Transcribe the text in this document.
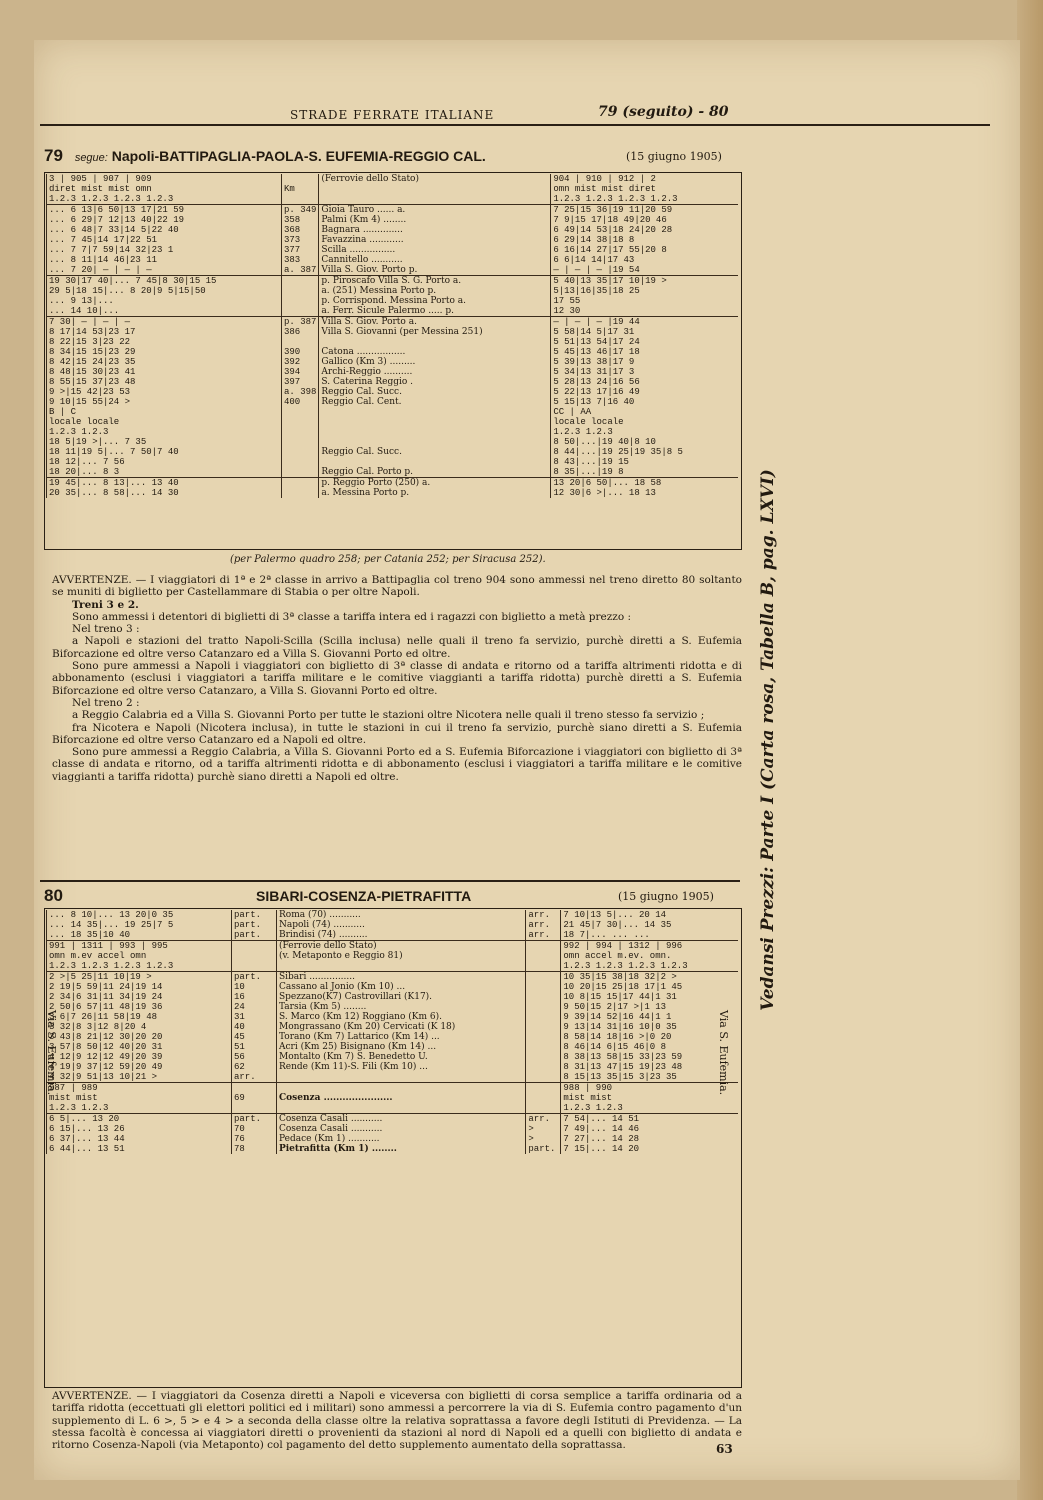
STRADE FERRATE ITALIANE	79 (seguito) - 80
79 segue: Napoli-BATTIPAGLIA-PAOLA-S. EUFEMIA-REGGIO CAL.	(15 giugno 1905)
3 | 905 | 907 | 909		(Ferrovie dello Stato)	904 | 910 | 912 | 2
diret mist mist omn	Km		omn mist mist diret
1.2.3 1.2.3 1.2.3 1.2.3			1.2.3 1.2.3 1.2.3 1.2.3
... 6 13|6 50|13 17|21 59	p. 349	Gioia Tauro ...... a.	7 25|15 36|19 11|20 59
... 6 29|7 12|13 40|22 19	358	Palmi (Km 4) ........	7 9|15 17|18 49|20 46
... 6 48|7 33|14 5|22 40	368	Bagnara ..............	6 49|14 53|18 24|20 28
... 7 45|14 17|22 51	373	Favazzina ............	6 29|14 38|18 8
... 7 7|7 59|14 32|23 1	377	Scilla ................	6 16|14 27|17 55|20 8
... 8 11|14 46|23 11	383	Cannitello ...........	6 6|14 14|17 43
... 7 20| — | — | —	a. 387	Villa S. Giov. Porto p.	— | — | — |19 54
19 30|17 40|... 7 45|8 30|15 15		p. Piroscafo Villa S. G. Porto a.	5 40|13 35|17 10|19 >
29 5|18 15|... 8 20|9 5|15|50		a. (251) Messina Porto p.	5|13|16|35|18 25
... 9 13|...		p. Corrispond. Messina Porto a.	17 55
... 14 10|...		a. Ferr. Sicule Palermo ..... p.	12 30
7 30| — | — | —	p. 387	Villa S. Giov. Porto a.	— | — | — |19 44
8 17|14 53|23 17	386	Villa S. Giovanni (per Messina 251)	5 58|14 5|17 31
8 22|15 3|23 22			5 51|13 54|17 24
8 34|15 15|23 29	390	Catona .................	5 45|13 46|17 18
8 42|15 24|23 35	392	Gallico (Km 3) .........	5 39|13 38|17 9
8 48|15 30|23 41	394	Archi-Reggio ..........	5 34|13 31|17 3
8 55|15 37|23 48	397	S. Caterina Reggio .	5 28|13 24|16 56
9 >|15 42|23 53	a. 398	Reggio Cal. Succ.	5 22|13 17|16 49
9 10|15 55|24 >	400	Reggio Cal. Cent.	5 15|13 7|16 40
B | C			CC | AA
locale locale			locale locale
1.2.3 1.2.3			1.2.3 1.2.3
18 5|19 >|... 7 35			8 50|...|19 40|8 10
18 11|19 5|... 7 50|7 40		Reggio Cal. Succ.	8 44|...|19 25|19 35|8 5
18 12|... 7 56			8 43|...|19 15
18 20|... 8 3		Reggio Cal. Porto p.	8 35|...|19 8
19 45|... 8 13|... 13 40		p. Reggio Porto (250) a.	13 20|6 50|... 18 58
20 35|... 8 58|... 14 30		a. Messina Porto p.	12 30|6 >|... 18 13
(per Palermo quadro 258; per Catania 252; per Siracusa 252).
AVVERTENZE. — I viaggiatori di 1ª e 2ª classe in arrivo a Battipaglia col treno 904 sono ammessi nel treno diretto 80 soltanto se muniti di biglietto per Castellammare di Stabia o per oltre Napoli.
Treni 3 e 2.
Sono ammessi i detentori di biglietti di 3ª classe a tariffa intera ed i ragazzi con biglietto a metà prezzo :
Nel treno 3 :
a Napoli e stazioni del tratto Napoli-Scilla (Scilla inclusa) nelle quali il treno fa servizio, purchè diretti a S. Eufemia Biforcazione ed oltre verso Catanzaro ed a Villa S. Giovanni Porto ed oltre.
Sono pure ammessi a Napoli i viaggiatori con biglietto di 3ª classe di andata e ritorno od a tariffa altrimenti ridotta e di abbonamento (esclusi i viaggiatori a tariffa militare e le comitive viaggianti a tariffa ridotta) purchè diretti a S. Eufemia Biforcazione ed oltre verso Catanzaro, a Villa S. Giovanni Porto ed oltre.
Nel treno 2 :
a Reggio Calabria ed a Villa S. Giovanni Porto per tutte le stazioni oltre Nicotera nelle quali il treno stesso fa servizio ;
fra Nicotera e Napoli (Nicotera inclusa), in tutte le stazioni in cui il treno fa servizio, purchè siano diretti a S. Eufemia Biforcazione ed oltre verso Catanzaro ed a Napoli ed oltre.
Sono pure ammessi a Reggio Calabria, a Villa S. Giovanni Porto ed a S. Eufemia Biforcazione i viaggiatori con biglietto di 3ª classe di andata e ritorno, od a tariffa altrimenti ridotta e di abbonamento (esclusi i viaggiatori a tariffa militare e le comitive viaggianti a tariffa ridotta) purchè siano diretti a Napoli ed oltre.
80	SIBARI-COSENZA-PIETRAFITTA	(15 giugno 1905)
... 8 10|... 13 20|0 35	part.	Roma (70) ...........	arr.	7 10|13 5|... 20 14
... 14 35|... 19 25|7 5	part.	Napoli (74) ...........	arr.	21 45|7 30|... 14 35
... 18 35|10 40	part.	Brindisi (74) ..........	arr.	18 7|... ... ...
991 | 1311 | 993 | 995		(Ferrovie dello Stato)		992 | 994 | 1312 | 996
omn m.ev accel omn		(v. Metaponto e Reggio 81)		omn accel m.ev. omn.
1.2.3 1.2.3 1.2.3 1.2.3				1.2.3 1.2.3 1.2.3 1.2.3
2 >|5 25|11 10|19 >	part.	Sibari ................		10 35|15 38|18 32|2 >
2 19|5 59|11 24|19 14	10	Cassano al Jonio (Km 10) ...		10 20|15 25|18 17|1 45
2 34|6 31|11 34|19 24	16	Spezzano(K7) Castrovillari (K17).		10 8|15 15|17 44|1 31
2 50|6 57|11 48|19 36	24	Tarsia (Km 5) ........		9 50|15 2|17 >|1 13
3 6|7 26|11 58|19 48	31	S. Marco (Km 12) Roggiano (Km 6).		9 39|14 52|16 44|1 1
3 32|8 3|12 8|20 4	40	Mongrassano (Km 20) Cervicati (K 18)		9 13|14 31|16 10|0 35
3 43|8 21|12 30|20 20	45	Torano (Km 7) Lattarico (Km 14) ...		8 58|14 18|16 >|0 20
3 57|8 50|12 40|20 31	51	Acri (Km 25) Bisignano (Km 14) ...		8 46|14 6|15 46|0 8
4 12|9 12|12 49|20 39	56	Montalto (Km 7) S. Benedetto U.		8 38|13 58|15 33|23 59
4 19|9 37|12 59|20 49	62	Rende (Km 11)-S. Fili (Km 10) ...		8 31|13 47|15 19|23 48
4 32|9 51|13 10|21 >	arr.			8 15|13 35|15 3|23 35
987 | 989				988 | 990
mist mist	69	Cosenza ......................		mist mist
1.2.3 1.2.3				1.2.3 1.2.3
6 5|... 13 20	part.	Cosenza Casali ...........	arr.	7 54|... 14 51
6 15|... 13 26	70	Cosenza Casali ...........	>	7 49|... 14 46
6 37|... 13 44	76	Pedace (Km 1) ...........	>	7 27|... 14 28
6 44|... 13 51	78	Pietrafitta (Km 1) ........	part.	7 15|... 14 20
Via S. Eufemia.	Via S. Eufemia.
AVVERTENZE. — I viaggiatori da Cosenza diretti a Napoli e viceversa con biglietti di corsa semplice a tariffa ordinaria od a tariffa ridotta (eccettuati gli elettori politici ed i militari) sono ammessi a percorrere la via di S. Eufemia contro pagamento d'un supplemento di L. 6 >, 5 > e 4 > a seconda della classe oltre la relativa soprattassa a favore degli Istituti di Previdenza. — La stessa facoltà è concessa ai viaggiatori diretti o provenienti da stazioni al nord di Napoli ed a quelli con biglietto di andata e ritorno Cosenza-Napoli (via Metaponto) col pagamento del detto supplemento aumentato della soprattassa.
Vedansi Prezzi: Parte I (Carta rosa, Tabella B, pag. LXVI)
63
